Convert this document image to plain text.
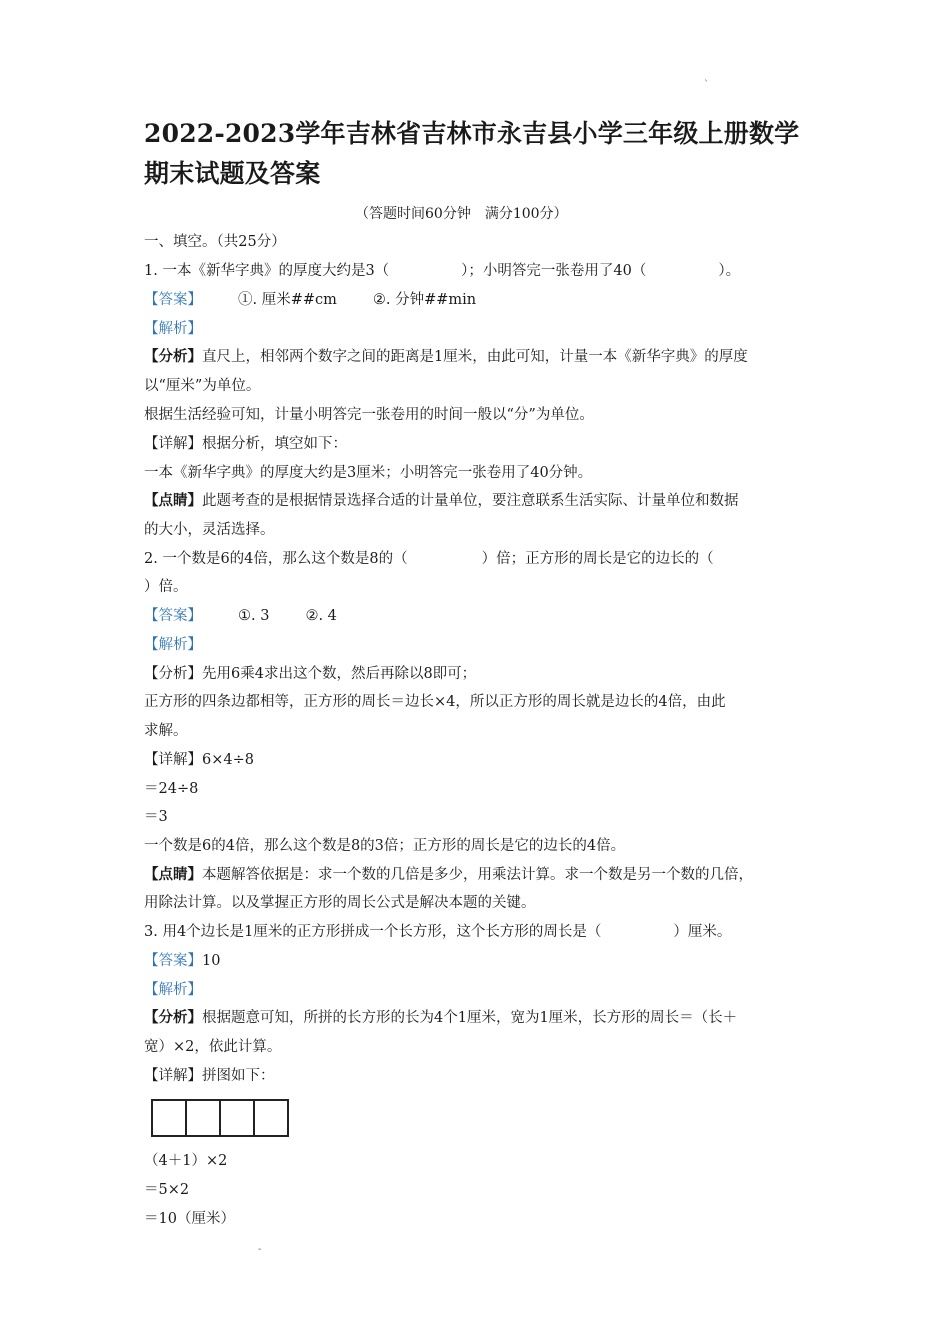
`
2022-2023学年吉林省吉林市永吉县小学三年级上册数学期末试题及答案
（答题时间60分钟　满分100分）
一、填空。（共25分）
1. 一本《新华字典》的厚度大约是3（	）；小明答完一张卷用了40（	）。
【答案】 ①. 厘米##cm ②. 分钟##min
【解析】
【分析】直尺上，相邻两个数字之间的距离是1厘米，由此可知，计量一本《新华字典》的厚度
以“厘米”为单位。
根据生活经验可知，计量小明答完一张卷用的时间一般以“分”为单位。
【详解】根据分析，填空如下：
一本《新华字典》的厚度大约是3厘米；小明答完一张卷用了40分钟。
【点睛】此题考查的是根据情景选择合适的计量单位，要注意联系生活实际、计量单位和数据
的大小，灵活选择。
2. 一个数是6的4倍，那么这个数是8的（	）倍；正方形的周长是它的边长的（
）倍。
【答案】 ①. 3 ②. 4
【解析】
【分析】先用6乘4求出这个数，然后再除以8即可；
正方形的四条边都相等，正方形的周长＝边长×4，所以正方形的周长就是边长的4倍，由此
求解。
【详解】6×4÷8
＝24÷8
＝3
一个数是6的4倍，那么这个数是8的3倍；正方形的周长是它的边长的4倍。
【点睛】本题解答依据是：求一个数的几倍是多少，用乘法计算。求一个数是另一个数的几倍，
用除法计算。以及掌握正方形的周长公式是解决本题的关键。
3. 用4个边长是1厘米的正方形拼成一个长方形，这个长方形的周长是（	）厘米。
【答案】10
【解析】
【分析】根据题意可知，所拼的长方形的长为4个1厘米，宽为1厘米，长方形的周长＝（长＋
宽）×2，依此计算。
【详解】拼图如下：
（4＋1）×2
＝5×2
＝10（厘米）
-
